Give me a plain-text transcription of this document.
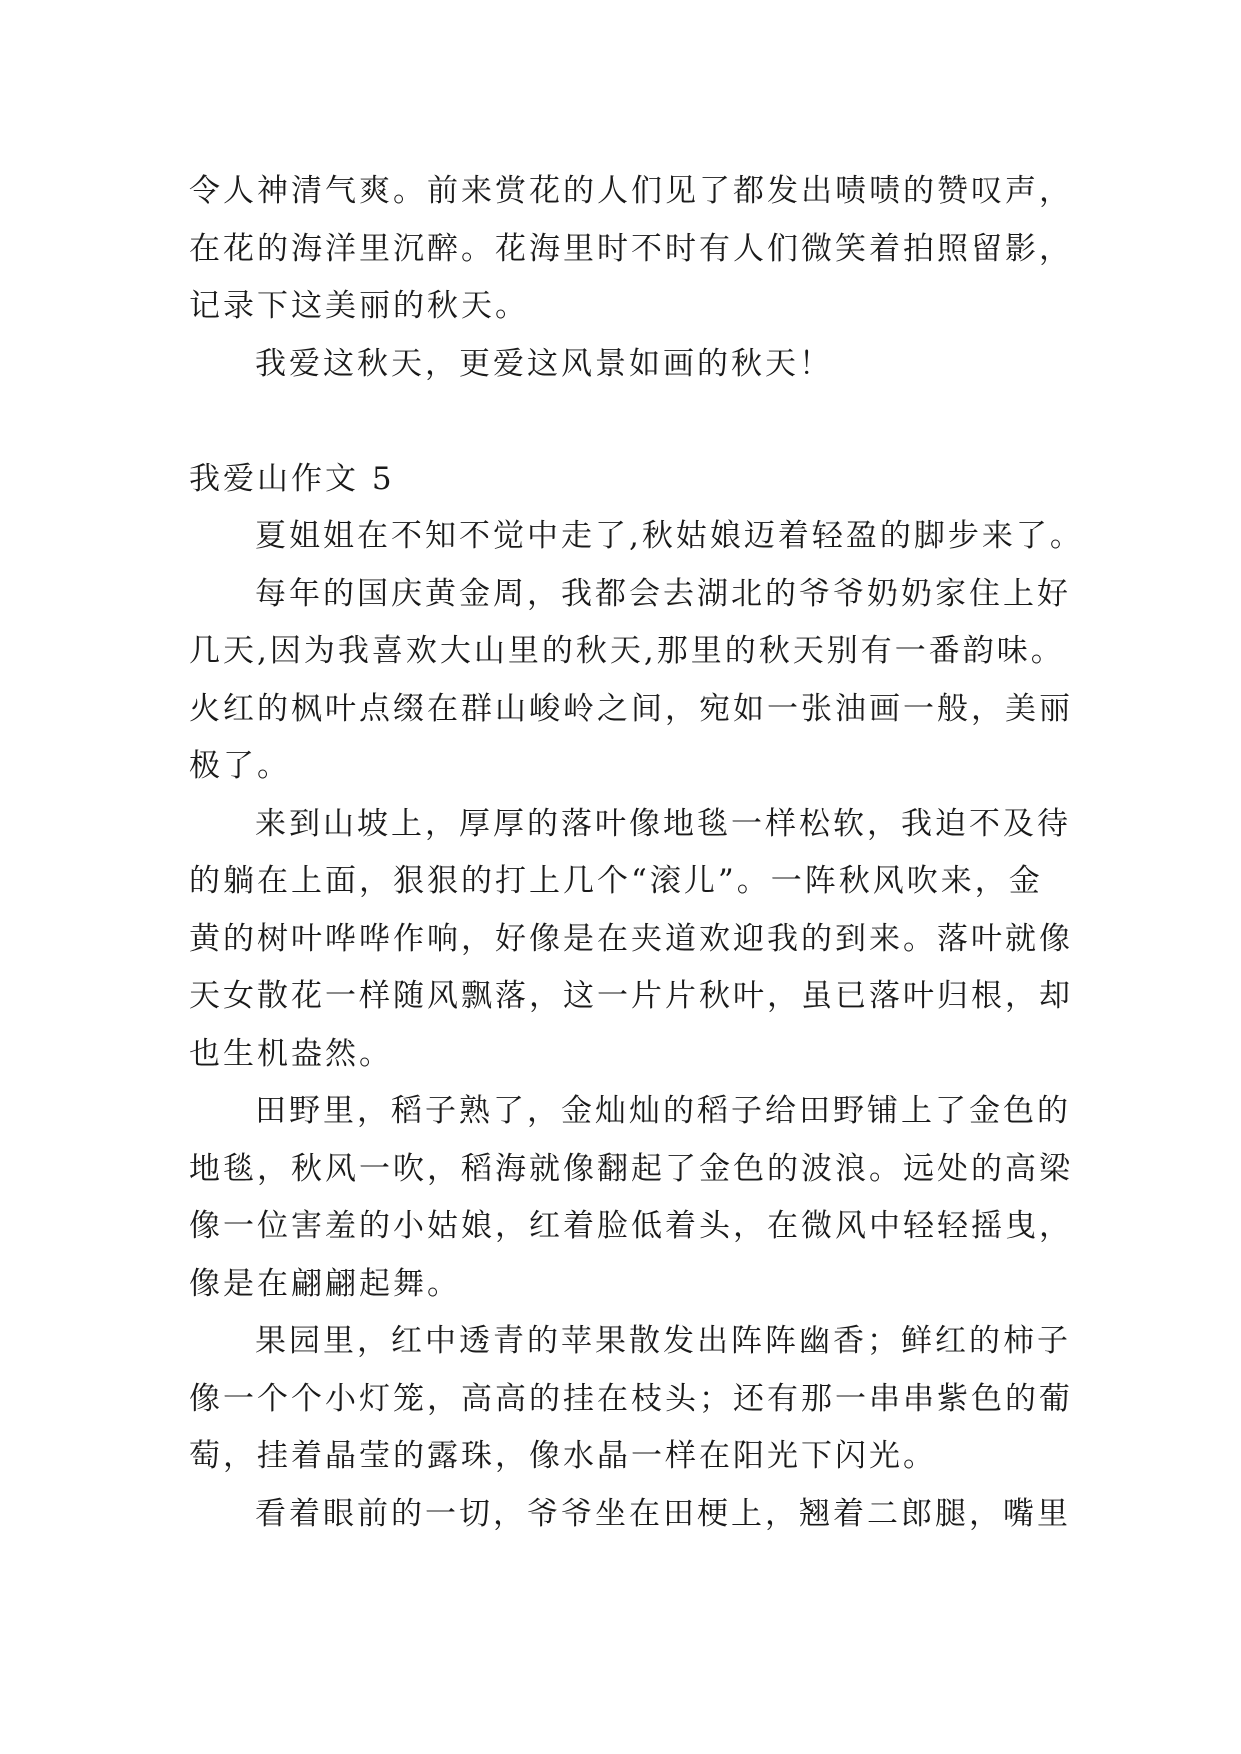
令人神清气爽。前来赏花的人们见了都发出啧啧的赞叹声，
在花的海洋里沉醉。花海里时不时有人们微笑着拍照留影，
记录下这美丽的秋天。
我爱这秋天，更爱这风景如画的秋天！
我爱山作文 5
夏姐姐在不知不觉中走了,秋姑娘迈着轻盈的脚步来了。
每年的国庆黄金周，我都会去湖北的爷爷奶奶家住上好
几天,因为我喜欢大山里的秋天,那里的秋天别有一番韵味。
火红的枫叶点缀在群山峻岭之间，宛如一张油画一般，美丽
极了。
来到山坡上，厚厚的落叶像地毯一样松软，我迫不及待
的躺在上面，狠狠的打上几个“滚儿”。一阵秋风吹来，金
黄的树叶哗哗作响，好像是在夹道欢迎我的到来。落叶就像
天女散花一样随风飘落，这一片片秋叶，虽已落叶归根，却
也生机盎然。
田野里，稻子熟了，金灿灿的稻子给田野铺上了金色的
地毯，秋风一吹，稻海就像翻起了金色的波浪。远处的高梁
像一位害羞的小姑娘，红着脸低着头，在微风中轻轻摇曳，
像是在翩翩起舞。
果园里，红中透青的苹果散发出阵阵幽香；鲜红的柿子
像一个个小灯笼，高高的挂在枝头；还有那一串串紫色的葡
萄，挂着晶莹的露珠，像水晶一样在阳光下闪光。
看着眼前的一切，爷爷坐在田梗上，翘着二郎腿，嘴里
